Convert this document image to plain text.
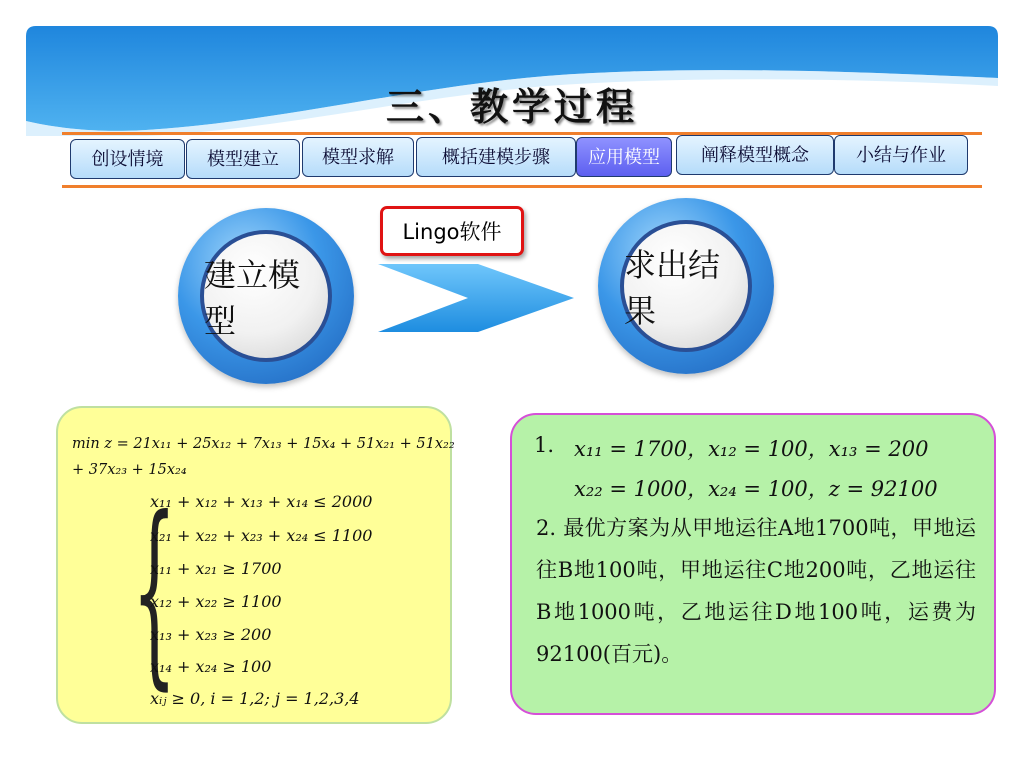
三、教学过程
创设情境	模型建立	模型求解	概括建模步骤	应用模型	阐释模型概念	小结与作业
建立模型
Lingo软件
求出结果
min z = 21x₁₁ + 25x₁₂ + 7x₁₃ + 15x₄ + 51x₂₁ + 51x₂₂
+ 37x₂₃ + 15x₂₄
{
x₁₁ + x₁₂ + x₁₃ + x₁₄ ≤ 2000
x₂₁ + x₂₂ + x₂₃ + x₂₄ ≤ 1100
x₁₁ + x₂₁ ≥ 1700
x₁₂ + x₂₂ ≥ 1100
x₁₃ + x₂₃ ≥ 200
x₁₄ + x₂₄ ≥ 100
xᵢⱼ ≥ 0, i = 1,2; j = 1,2,3,4
1. x₁₁ = 1700，x₁₂ = 100，x₁₃ = 200
x₂₂ = 1000，x₂₄ = 100，z = 92100
2. 最优方案为从甲地运往A地1700吨，甲地运往B地100吨，甲地运往C地200吨，乙地运往B地1000吨，乙地运往D地100吨，运费为92100(百元)。
